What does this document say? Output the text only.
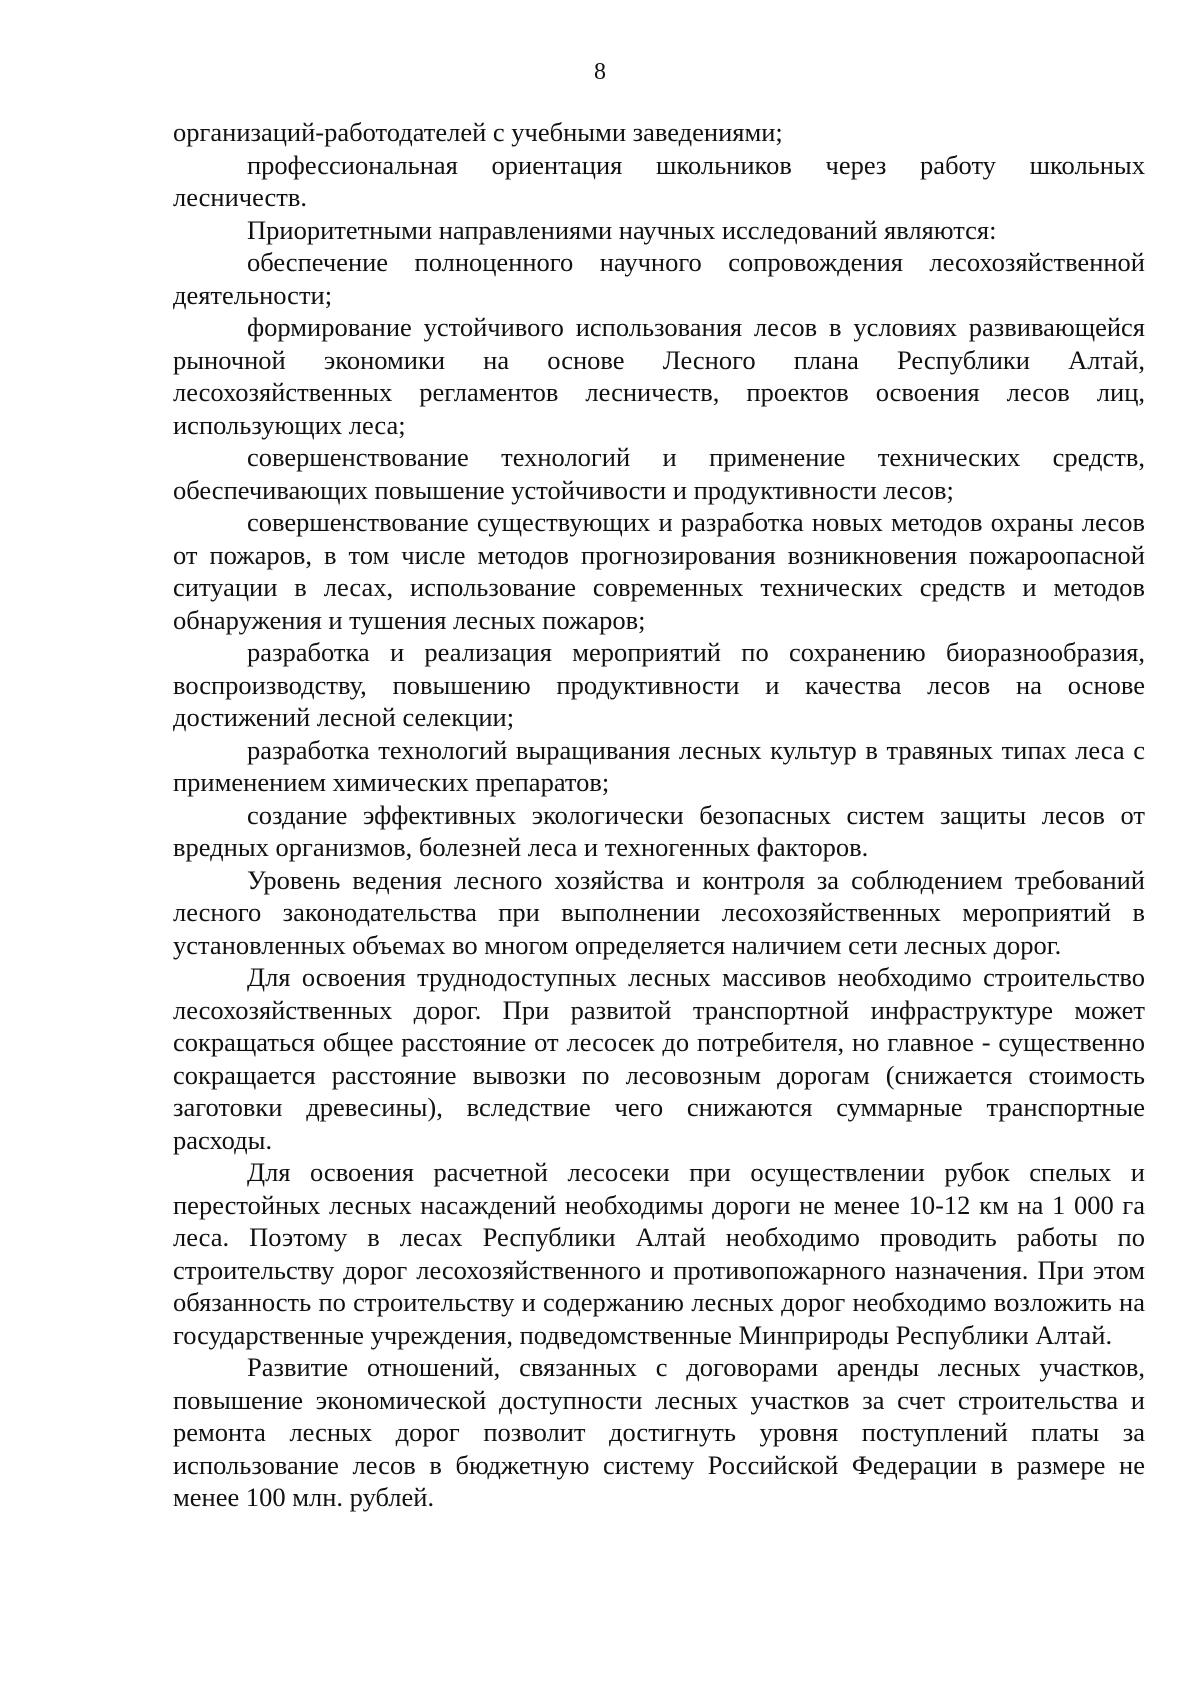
8

организаций-работодателей с учебными заведениями;

профессиональная ориентация школьников через работу школьных лесничеств.

Приоритетными направлениями научных исследований являются:

обеспечение полноценного научного сопровождения лесохозяйственной деятельности;

формирование устойчивого использования лесов в условиях развивающейся рыночной экономики на основе Лесного плана Республики Алтай, лесохозяйственных регламентов лесничеств, проектов освоения лесов лиц, использующих леса;

совершенствование технологий и применение технических средств, обеспечивающих повышение устойчивости и продуктивности лесов;

совершенствование существующих и разработка новых методов охраны лесов от пожаров, в том числе методов прогнозирования возникновения пожароопасной ситуации в лесах, использование современных технических средств и методов обнаружения и тушения лесных пожаров;

разработка и реализация мероприятий по сохранению биоразнообразия, воспроизводству, повышению продуктивности и качества лесов на основе достижений лесной селекции;

разработка технологий выращивания лесных культур в травяных типах леса с применением химических препаратов;

создание эффективных экологически безопасных систем защиты лесов от вредных организмов, болезней леса и техногенных факторов.

Уровень ведения лесного хозяйства и контроля за соблюдением требований лесного законодательства при выполнении лесохозяйственных мероприятий в установленных объемах во многом определяется наличием сети лесных дорог.

Для освоения труднодоступных лесных массивов необходимо строительство лесохозяйственных дорог. При развитой транспортной инфраструктуре может сокращаться общее расстояние от лесосек до потребителя, но главное - существенно сокращается расстояние вывозки по лесовозным дорогам (снижается стоимость заготовки древесины), вследствие чего снижаются суммарные транспортные расходы.

Для освоения расчетной лесосеки при осуществлении рубок спелых и перестойных лесных насаждений необходимы дороги не менее 10-12 км на 1 000 га леса. Поэтому в лесах Республики Алтай необходимо проводить работы по строительству дорог лесохозяйственного и противопожарного назначения. При этом обязанность по строительству и содержанию лесных дорог необходимо возложить на государственные учреждения, подведомственные Минприроды Республики Алтай.

Развитие отношений, связанных с договорами аренды лесных участков, повышение экономической доступности лесных участков за счет строительства и ремонта лесных дорог позволит достигнуть уровня поступлений платы за использование лесов в бюджетную систему Российской Федерации в размере не менее 100 млн. рублей.
